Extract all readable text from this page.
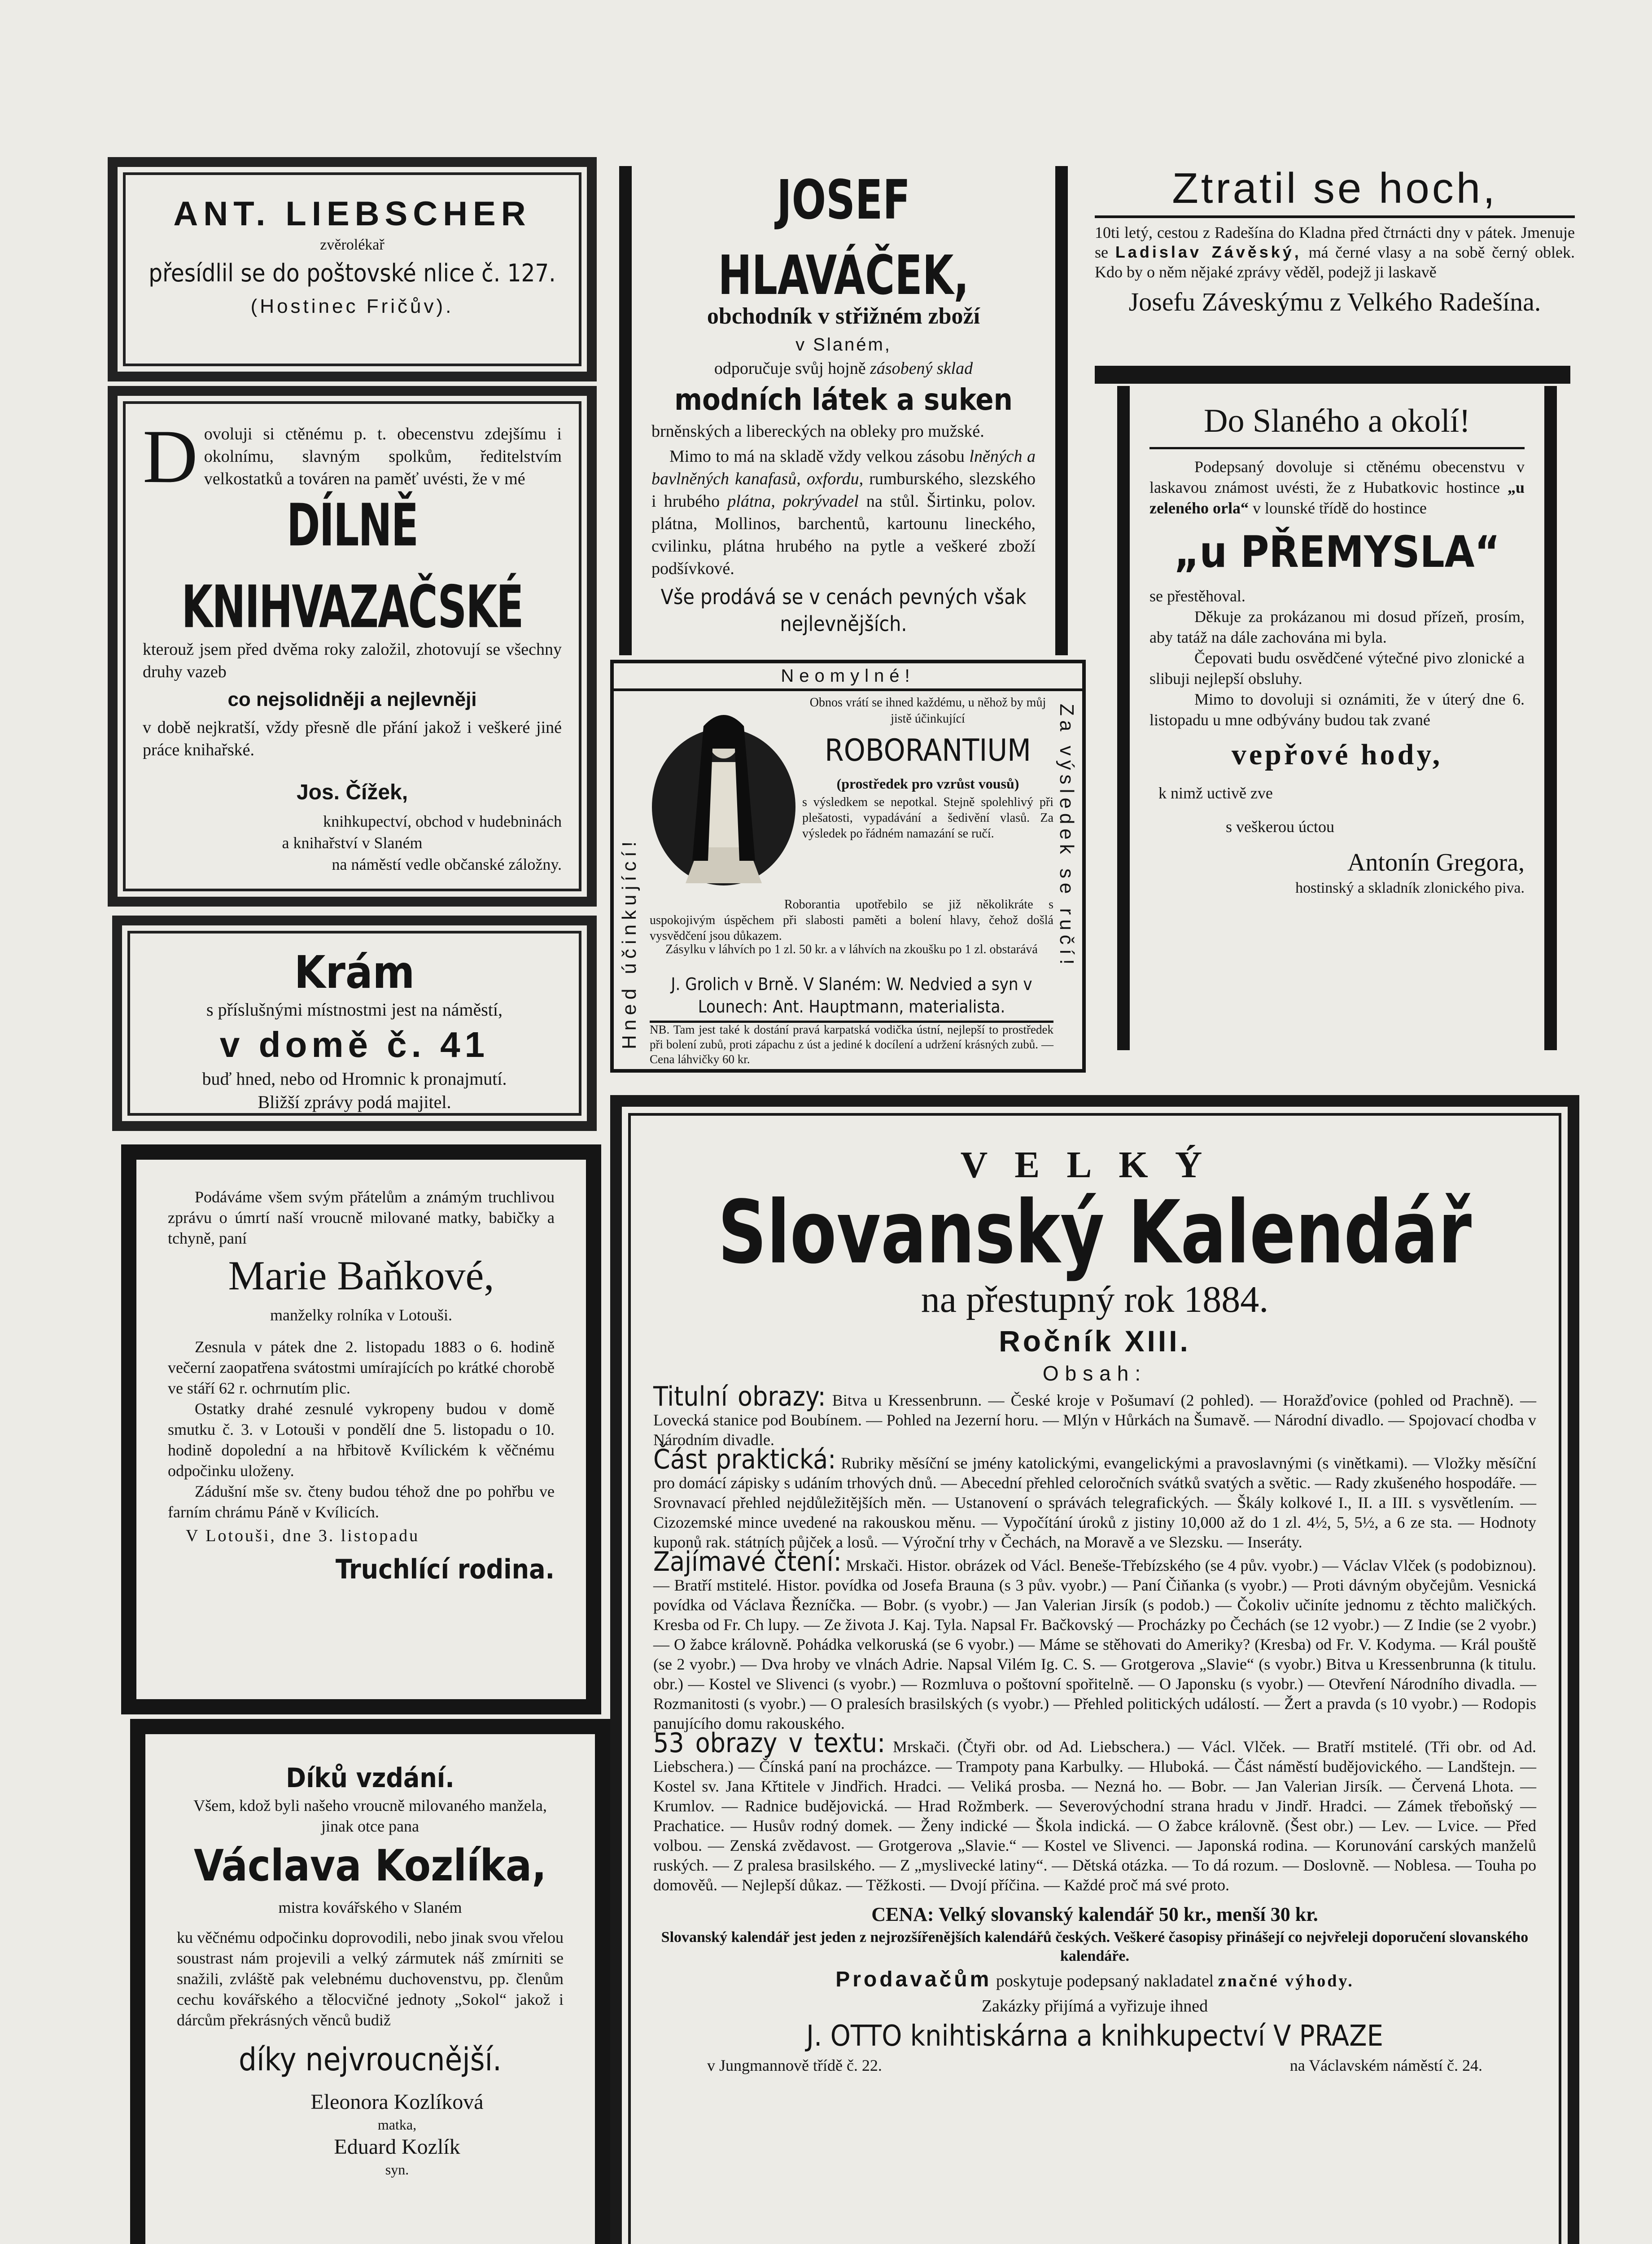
ANT. LIEBSCHER
zvěrolékař
přesídlil se do poštovské nlice č. 127.
(Hostinec Fričův).
D ovoluji si ctěnému p. t. obecenstvu zdejšímu i okolnímu, slavným spolkům, ředitelstvím velkostatků a továren na paměť uvésti, že v mé
DÍLNĚ KNIHVAZAČSKÉ
kterouž jsem před dvěma roky založil, zhotovují se všechny druhy vazeb
co nejsolidněji a nejlevněji
v době nejkratší, vždy přesně dle přání jakož i veškeré jiné práce knihařské.
Jos. Čížek,
knihkupectví, obchod v hudebninách
a knihařství v Slaném
na náměstí vedle občanské záložny.
Krám
s příslušnými místnostmi jest na náměstí,
v domě č. 41
buď hned, nebo od Hromnic k pronajmutí.
Bližší zprávy podá majitel.
Podáváme všem svým přátelům a známým truchlivou zprávu o úmrtí naší vroucně milované matky, babičky a tchyně, paní
Marie Baňkové,
manželky rolníka v Lotouši.
Zesnula v pátek dne 2. listopadu 1883 o 6. hodině večerní zaopatřena svátostmi umírajících po krátké chorobě ve stáří 62 r. ochrnutím plic.
Ostatky drahé zesnulé vykropeny budou v domě smutku č. 3. v Lotouši v pondělí dne 5. listopadu o 10. hodině dopolední a na hřbitově Kvílickém k věčnému odpočinku uloženy.
Zádušní mše sv. čteny budou téhož dne po pohřbu ve farním chrámu Páně v Kvílicích.
V Lotouši, dne 3. listopadu
Truchlící rodina.
Díků vzdání.
Všem, kdož byli našeho vroucně milovaného manžela, jinak otce pana
Václava Kozlíka,
mistra kovářského v Slaném
ku věčnému odpočinku doprovodili, nebo jinak svou vřelou soustrast nám projevili a velký zármutek náš zmírniti se snažili, zvláště pak velebnému duchovenstvu, pp. členům cechu kovářského a tělocvičné jednoty „Sokol“ jakož i dárcům překrásných věnců budiž
díky nejvroucnější.
Eleonora Kozlíková
matka,
Eduard Kozlík
syn.
JOSEF HLAVÁČEK,
obchodník v střižném zboží
v Slaném,
odporučuje svůj hojně zásobený sklad
modních látek a suken
brněnských a libereckých na obleky pro mužské.
Mimo to má na skladě vždy velkou zásobu lněných a bavlněných kanafasů, oxfordu, rumburského, slezského i hrubého plátna, pokrývadel na stůl. Širtinku, polov. plátna, Mollinos, barchentů, kartounu lineckého, cvilinku, plátna hrubého na pytle a veškeré zboží podšívkové.
Vše prodává se v cenách pevných však nejlevnějších.
Neomylné!
Hned účinkující!	Za výsledek se ručí!
Obnos vrátí se ihned každému, u něhož by můj jistě účinkující
ROBORANTIUM
(prostředek pro vzrůst vousů)
s výsledkem se nepotkal. Stejně spolehlivý při plešatosti, vypadávání a šedivění vlasů. Za výsledek po řádném namazání se ručí.
Roborantia upotřebilo se již několikráte s uspokojivým úspěchem při slabosti paměti a bolení hlavy, čehož došlá vysvědčení jsou důkazem.
Zásylku v láhvích po 1 zl. 50 kr. a v láhvích na zkoušku po 1 zl. obstarává
J. Grolich v Brně. V Slaném: W. Nedvied a syn v Lounech: Ant. Hauptmann, materialista.
NB. Tam jest také k dostání pravá karpatská vodička ústní, nejlepší to prostředek při bolení zubů, proti zápachu z úst a jediné k docílení a udržení krásných zubů. — Cena láhvičky 60 kr.
Ztratil se hoch,
10ti letý, cestou z Radešína do Kladna před čtrnácti dny v pátek. Jmenuje se Ladislav Závěský, má černé vlasy a na sobě černý oblek. Kdo by o něm nějaké zprávy věděl, podejž ji laskavě
Josefu Záveskýmu z Velkého Radešína.
Do Slaného a okolí!
Podepsaný dovoluje si ctěnému obecenstvu v laskavou známost uvésti, že z Hubatkovic hostince „u zeleného orla“ v lounské třídě do hostince
„u PŘEMYSLA“
se přestěhoval.
Děkuje za prokázanou mi dosud přízeň, prosím, aby tatáž na dále zachována mi byla.
Čepovati budu osvědčené výtečné pivo zlonické a slibuji nejlepší obsluhy.
Mimo to dovoluji si oznámiti, že v úterý dne 6. listopadu u mne odbývány budou tak zvané
vepřové hody,
k nimž uctivě zve
s veškerou úctou
Antonín Gregora,
hostinský a skladník zlonického piva.
VELKÝ
Slovanský Kalendář
na přestupný rok 1884.
Ročník XIII.
Obsah:
Titulní obrazy: Bitva u Kressenbrunn. — České kroje v Pošumaví (2 pohled). — Horažďovice (pohled od Prachně). — Lovecká stanice pod Boubínem. — Pohled na Jezerní horu. — Mlýn v Hůrkách na Šumavě. — Národní divadlo. — Spojovací chodba v Národním divadle.
Část praktická: Rubriky měsíční se jmény katolickými, evangelickými a pravoslavnými (s vinětkami). — Vložky měsíční pro domácí zápisky s udáním trhových dnů. — Abecední přehled celoročních svátků svatých a světic. — Rady zkušeného hospodáře. — Srovnavací přehled nejdůležitějších měn. — Ustanovení o správách telegrafických. — Škály kolkové I., II. a III. s vysvětlením. — Cizozemské mince uvedené na rakouskou měnu. — Vypočítání úroků z jistiny 10,000 až do 1 zl. 4½, 5, 5½, a 6 ze sta. — Hodnoty kuponů rak. státních půjček a losů. — Výroční trhy v Čechách, na Moravě a ve Slezsku. — Inseráty.
Zajímavé čtení: Mrskači. Histor. obrázek od Václ. Beneše-Třebízského (se 4 pův. vyobr.) — Václav Vlček (s podobiznou). — Bratří mstitelé. Histor. povídka od Josefa Brauna (s 3 pův. vyobr.) — Paní Čiňanka (s vyobr.) — Proti dávným obyčejům. Vesnická povídka od Václava Řezníčka. — Bobr. (s vyobr.) — Jan Valerian Jirsík (s podob.) — Čokoliv učiníte jednomu z těchto maličkých. Kresba od Fr. Ch lupy. — Ze života J. Kaj. Tyla. Napsal Fr. Bačkovský — Procházky po Čechách (se 12 vyobr.) — Z Indie (se 2 vyobr.) — O žabce královně. Pohádka velkoruská (se 6 vyobr.) — Máme se stěhovati do Ameriky? (Kresba) od Fr. V. Kodyma. — Král pouště (se 2 vyobr.) — Dva hroby ve vlnách Adrie. Napsal Vilém Ig. C. S. — Grotgerova „Slavie“ (s vyobr.) Bitva u Kressenbrunna (k titulu. obr.) — Kostel ve Slivenci (s vyobr.) — Rozmluva o poštovní spořitelně. — O Japonsku (s vyobr.) — Otevření Národního divadla. — Rozmanitosti (s vyobr.) — O pralesích brasilských (s vyobr.) — Přehled politických událostí. — Žert a pravda (s 10 vyobr.) — Rodopis panujícího domu rakouského.
53 obrazy v textu: Mrskači. (Čtyři obr. od Ad. Liebschera.) — Václ. Vlček. — Bratří mstitelé. (Tři obr. od Ad. Liebschera.) — Čínská paní na procházce. — Trampoty pana Karbulky. — Hluboká. — Část náměstí budějovického. — Landštejn. — Kostel sv. Jana Křtitele v Jindřich. Hradci. — Veliká prosba. — Nezná ho. — Bobr. — Jan Valerian Jirsík. — Červená Lhota. — Krumlov. — Radnice budějovická. — Hrad Rožmberk. — Severovýchodní strana hradu v Jindř. Hradci. — Zámek třeboňský — Prachatice. — Husův rodný domek. — Ženy indické — Škola indická. — O žabce královně. (Šest obr.) — Lev. — Lvice. — Před volbou. — Zenská zvědavost. — Grotgerova „Slavie.“ — Kostel ve Slivenci. — Japonská rodina. — Korunování carských manželů ruských. — Z pralesa brasilského. — Z „myslivecké latiny“. — Dětská otázka. — To dá rozum. — Doslovně. — Noblesa. — Touha po domověů. — Nejlepší důkaz. — Těžkosti. — Dvojí příčina. — Každé proč má své proto.
CENA: Velký slovanský kalendář 50 kr., menší 30 kr.
Slovanský kalendář jest jeden z nejrozšířenějších kalendářů českých. Veškeré časopisy přinášejí co nejvřeleji doporučení slovanského kalendáře.
Prodavačům poskytuje podepsaný nakladatel značné výhody.
Zakázky přijímá a vyřizuje ihned
J. OTTO knihtiskárna a knihkupectví V PRAZE
v Jungmannově třídě č. 22.	na Václavském náměstí č. 24.
